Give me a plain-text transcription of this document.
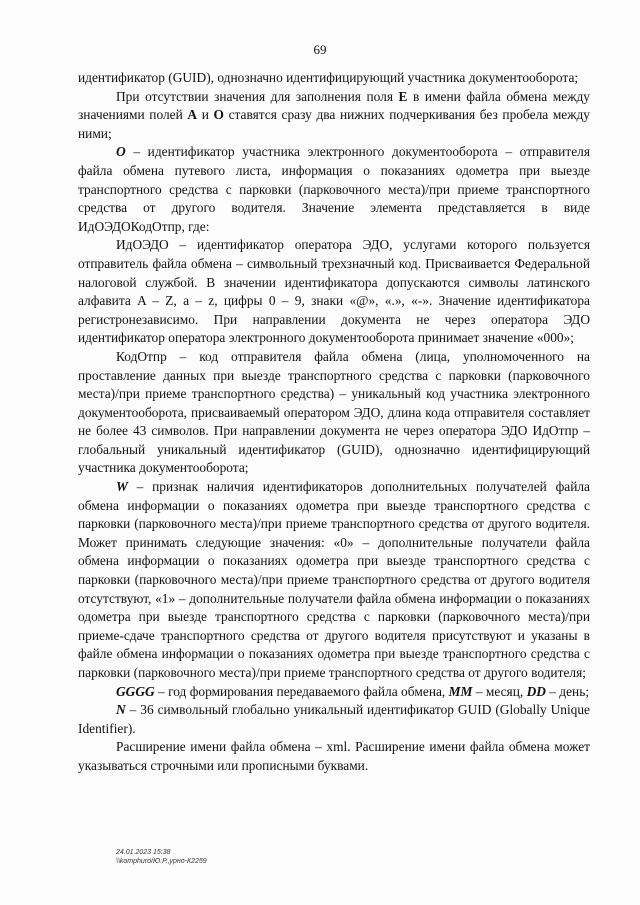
69

идентификатор (GUID), однозначно идентифицирующий участника документооборота;

При отсутствии значения для заполнения поля E в имени файла обмена между значениями полей A и O ставятся сразу два нижних подчеркивания без пробела между ними;

O – идентификатор участника электронного документооборота – отправителя файла обмена путевого листа, информация о показаниях одометра при выезде транспортного средства с парковки (парковочного места)/при приеме транспортного средства от другого водителя. Значение элемента представляется в виде ИдОЭДОКодОтпр, где:

ИдОЭДО – идентификатор оператора ЭДО, услугами которого пользуется отправитель файла обмена – символьный трехзначный код. Присваивается Федеральной налоговой службой. В значении идентификатора допускаются символы латинского алфавита A – Z, a – z, цифры 0 – 9, знаки «@», «.», «-». Значение идентификатора регистронезависимо. При направлении документа не через оператора ЭДО идентификатор оператора электронного документооборота принимает значение «000»;

КодОтпр – код отправителя файла обмена (лица, уполномоченного на проставление данных при выезде транспортного средства с парковки (парковочного места)/при приеме транспортного средства) – уникальный код участника электронного документооборота, присваиваемый оператором ЭДО, длина кода отправителя составляет не более 43 символов. При направлении документа не через оператора ЭДО ИдОтпр – глобальный уникальный идентификатор (GUID), однозначно идентифицирующий участника документооборота;

W – признак наличия идентификаторов дополнительных получателей файла обмена информации о показаниях одометра при выезде транспортного средства с парковки (парковочного места)/при приеме транспортного средства от другого водителя. Может принимать следующие значения: «0» – дополнительные получатели файла обмена информации о показаниях одометра при выезде транспортного средства с парковки (парковочного места)/при приеме транспортного средства от другого водителя отсутствуют, «1» – дополнительные получатели файла обмена информации о показаниях одометра при выезде транспортного средства с парковки (парковочного места)/при приеме-сдаче транспортного средства от другого водителя присутствуют и указаны в файле обмена информации о показаниях одометра при выезде транспортного средства с парковки (парковочного места)/при приеме транспортного средства от другого водителя;

GGGG – год формирования передаваемого файла обмена, MM – месяц, DD – день;

N – 36 символьный глобально уникальный идентификатор GUID (Globally Unique Identifier).

Расширение имени файла обмена – xml. Расширение имени файла обмена может указываться строчными или прописными буквами.

24.01.2023 15:38
\\komphuro/Ю.Р.,урно-К2259
